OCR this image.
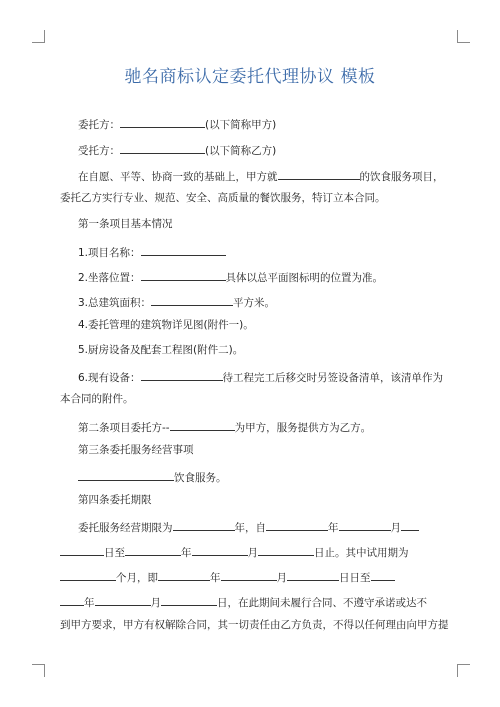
驰名商标认定委托代理协议 模板
委托方：	(以下简称甲方)
受托方：	(以下简称乙方)
在自愿、平等、协商一致的基础上，甲方就	的饮食服务项目，
委托乙方实行专业、规范、安全、高质量的餐饮服务，特订立本合同。
第一条项目基本情况
1.项目名称：
2.坐落位置：	具体以总平面图标明的位置为准。
3.总建筑面积：	平方米。
4.委托管理的建筑物详见图(附件一)。
5.厨房设备及配套工程图(附件二)。
6.现有设备：	待工程完工后移交时另签设备清单，该清单作为
本合同的附件。
第二条项目委托方--	为甲方，服务提供方为乙方。
第三条委托服务经营事项
饮食服务。
第四条委托期限
委托服务经营期限为	年，自	年	月
日至	年	月	日止。其中试用期为
个月，即	年	月	日日至
年	月	日，在此期间未履行合同、不遵守承诺或达不
到甲方要求，甲方有权解除合同，其一切责任由乙方负责，不得以任何理由向甲方提
